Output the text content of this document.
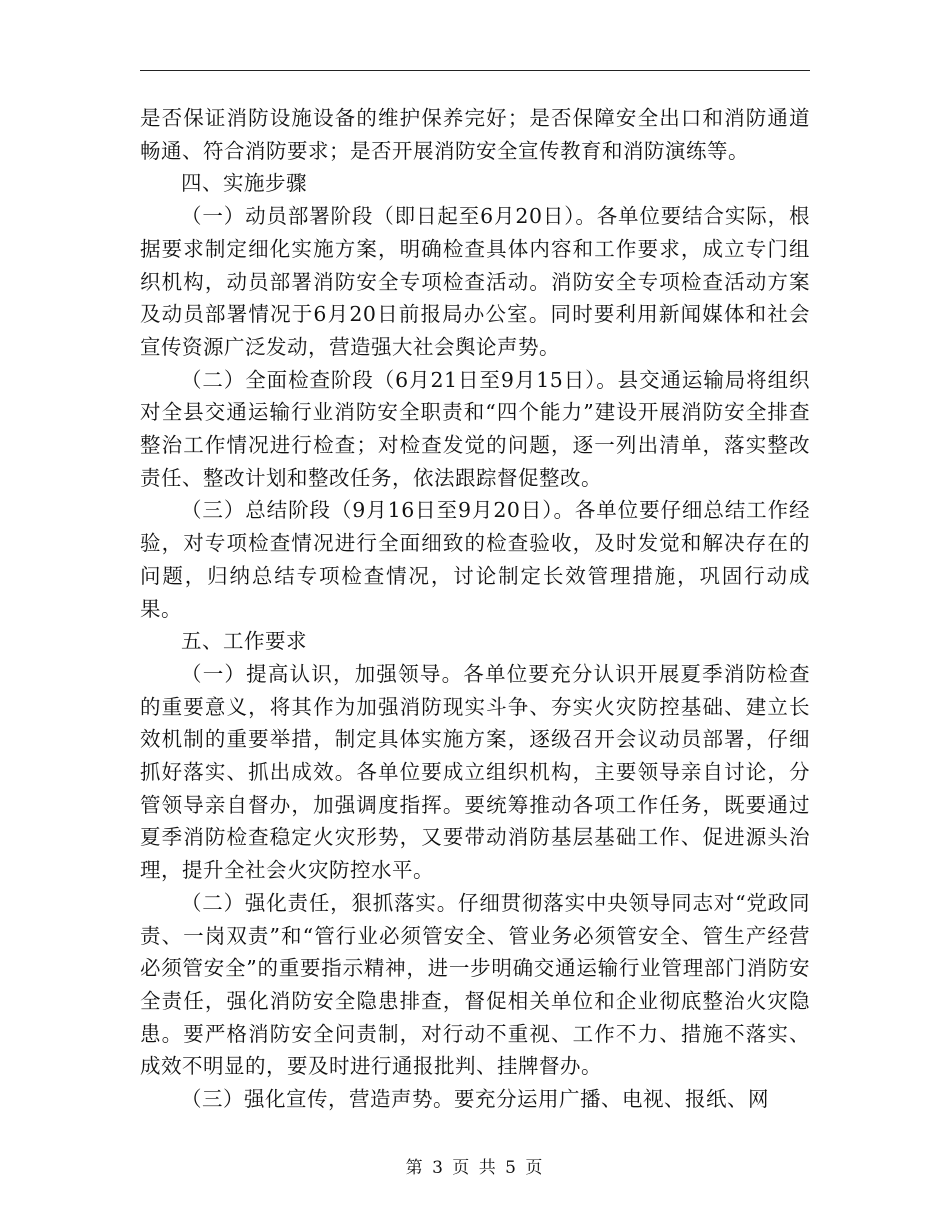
是否保证消防设施设备的维护保养完好；是否保障安全出口和消防通道畅通、符合消防要求；是否开展消防安全宣传教育和消防演练等。

四、实施步骤

（一）动员部署阶段（即日起至6月20日）。各单位要结合实际，根据要求制定细化实施方案，明确检查具体内容和工作要求，成立专门组织机构，动员部署消防安全专项检查活动。消防安全专项检查活动方案及动员部署情况于6月20日前报局办公室。同时要利用新闻媒体和社会宣传资源广泛发动，营造强大社会舆论声势。

（二）全面检查阶段（6月21日至9月15日）。县交通运输局将组织对全县交通运输行业消防安全职责和“四个能力”建设开展消防安全排查整治工作情况进行检查；对检查发觉的问题，逐一列出清单，落实整改责任、整改计划和整改任务，依法跟踪督促整改。

（三）总结阶段（9月16日至9月20日）。各单位要仔细总结工作经验，对专项检查情况进行全面细致的检查验收，及时发觉和解决存在的问题，归纳总结专项检查情况，讨论制定长效管理措施，巩固行动成果。

五、工作要求

（一）提高认识，加强领导。各单位要充分认识开展夏季消防检查的重要意义，将其作为加强消防现实斗争、夯实火灾防控基础、建立长效机制的重要举措，制定具体实施方案，逐级召开会议动员部署，仔细抓好落实、抓出成效。各单位要成立组织机构，主要领导亲自讨论，分管领导亲自督办，加强调度指挥。要统筹推动各项工作任务，既要通过夏季消防检查稳定火灾形势，又要带动消防基层基础工作、促进源头治理，提升全社会火灾防控水平。

（二）强化责任，狠抓落实。仔细贯彻落实中央领导同志对“党政同责、一岗双责”和“管行业必须管安全、管业务必须管安全、管生产经营必须管安全”的重要指示精神，进一步明确交通运输行业管理部门消防安全责任，强化消防安全隐患排查，督促相关单位和企业彻底整治火灾隐患。要严格消防安全问责制，对行动不重视、工作不力、措施不落实、成效不明显的，要及时进行通报批判、挂牌督办。

（三）强化宣传，营造声势。要充分运用广播、电视、报纸、网

第 3 页 共 5 页
